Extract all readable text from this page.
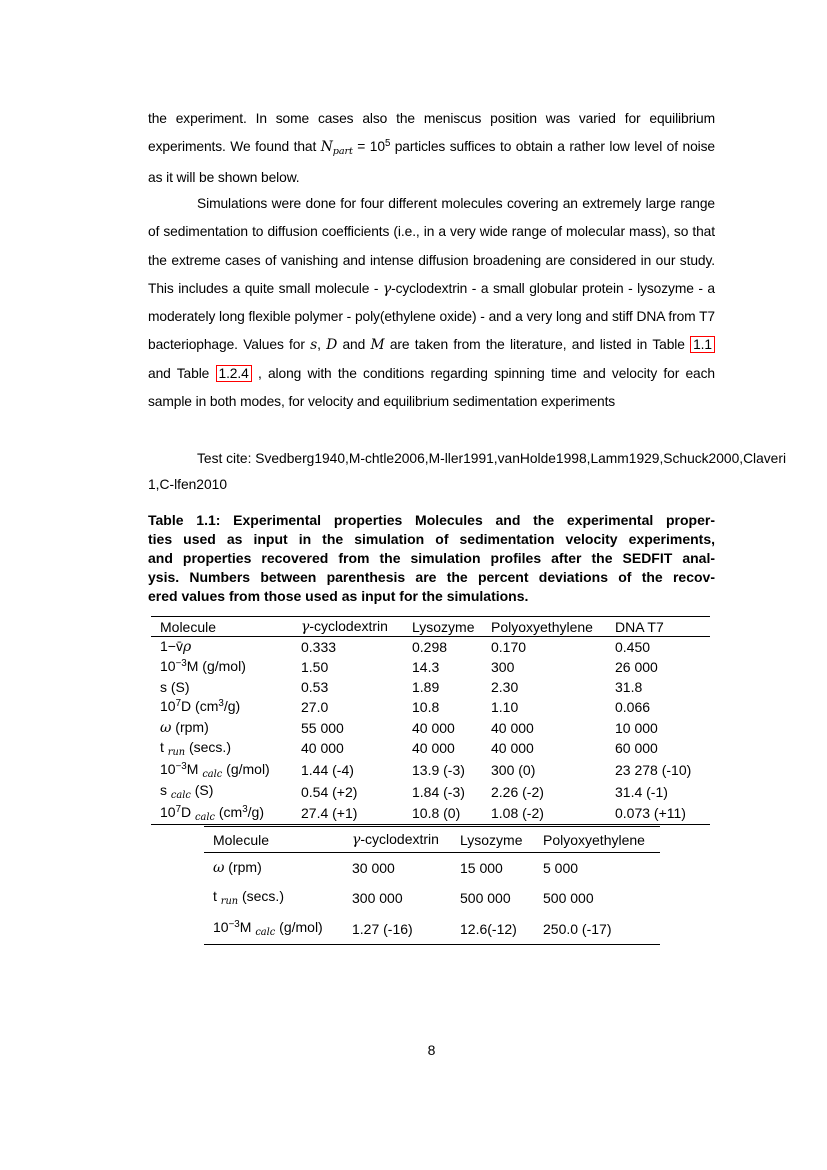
the experiment. In some cases also the meniscus position was varied for equilibrium experiments. We found that $N_{part} = 10^5$ particles suffices to obtain a rather low level of noise as it will be shown below.
Simulations were done for four different molecules covering an extremely large range of sedimentation to diffusion coefficients (i.e., in a very wide range of molecular mass), so that the extreme cases of vanishing and intense diffusion broadening are considered in our study. This includes a quite small molecule - γ-cyclodextrin - a small globular protein - lysozyme - a moderately long flexible polymer - poly(ethylene oxide) - and a very long and stiff DNA from T7 bacteriophage. Values for s, D and M are taken from the literature, and listed in Table 1.1 and Table 1.2.4 , along with the conditions regarding spinning time and velocity for each sample in both modes, for velocity and equilibrium sedimentation experiments
Test cite: Svedberg1940,M-chtle2006,M-ller1991,vanHolde1998,Lamm1929,Schuck2000,Claveri
1,C-lfen2010
Table 1.1: Experimental properties Molecules and the experimental proper-
ties used as input in the simulation of sedimentation velocity experiments,
and properties recovered from the simulation profiles after the SEDFIT anal-
ysis. Numbers between parenthesis are the percent deviations of the recov-
ered values from those used as input for the simulations.
Molecule	γ-cyclodextrin	Lysozyme	Polyoxyethylene	DNA T7
1−v̄ρ	0.333	0.298	0.170	0.450
$10^{-3}M$ (g/mol)	1.50	14.3	300	26 000
s (S)	0.53	1.89	2.30	31.8
$10^7D$ $(cm^3/g)$	27.0	10.8	1.10	0.066
ω (rpm)	55 000	40 000	40 000	10 000
t $_{run}$ (secs.)	40 000	40 000	40 000	60 000
$10^{-3}M$ $_{calc}$ (g/mol)	1.44 (-4)	13.9 (-3)	300 (0)	23 278 (-10)
s $_{calc}$ (S)	0.54 (+2)	1.84 (-3)	2.26 (-2)	31.4 (-1)
$10^7D$ $_{calc}$ $(cm^3/g)$	27.4 (+1)	10.8 (0)	1.08 (-2)	0.073 (+11)
Molecule	γ-cyclodextrin	Lysozyme	Polyoxyethylene
ω (rpm)	30 000	15 000	5 000
t $_{run}$ (secs.)	300 000	500 000	500 000
$10^{-3}M$ $_{calc}$ (g/mol)	1.27 (-16)	12.6(-12)	250.0 (-17)
8
